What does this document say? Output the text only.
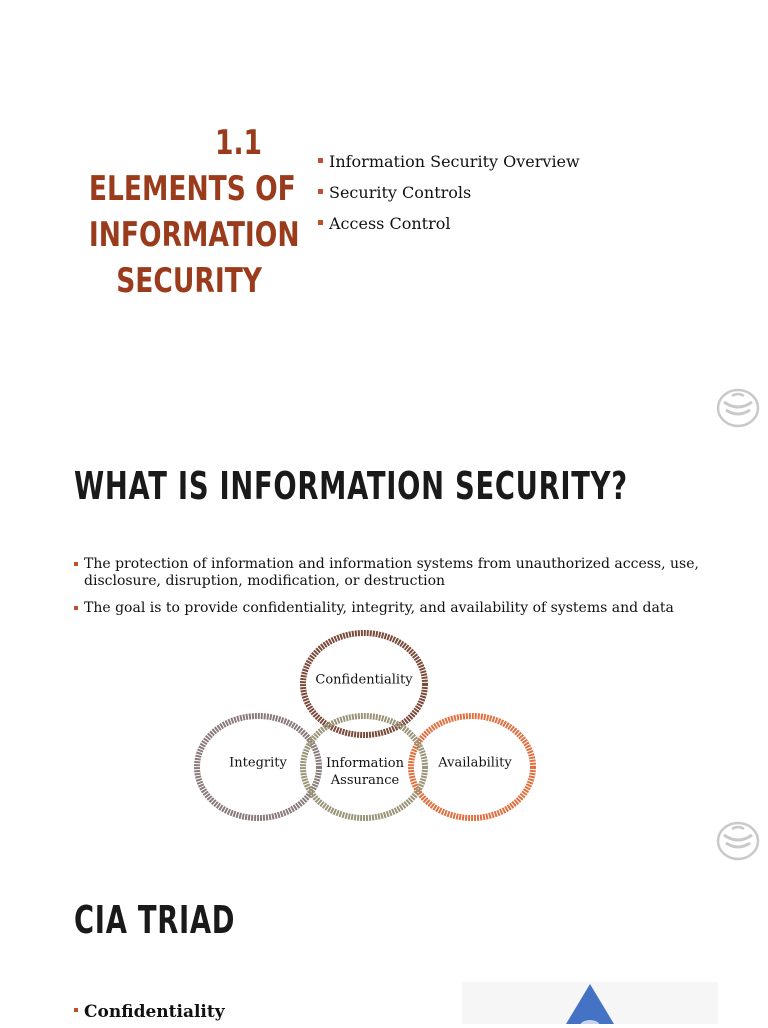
1.1
ELEMENTS OF
INFORMATION
SECURITY
Information Security Overview
Security Controls
Access Control
WHAT IS INFORMATION SECURITY?
The protection of information and information systems from unauthorized access, use, disclosure, disruption, modification, or destruction
The goal is to provide confidentiality, integrity, and availability of systems and data
Confidentiality
Integrity	Information
Assurance
Availability
CIA TRIAD
Confidentiality
